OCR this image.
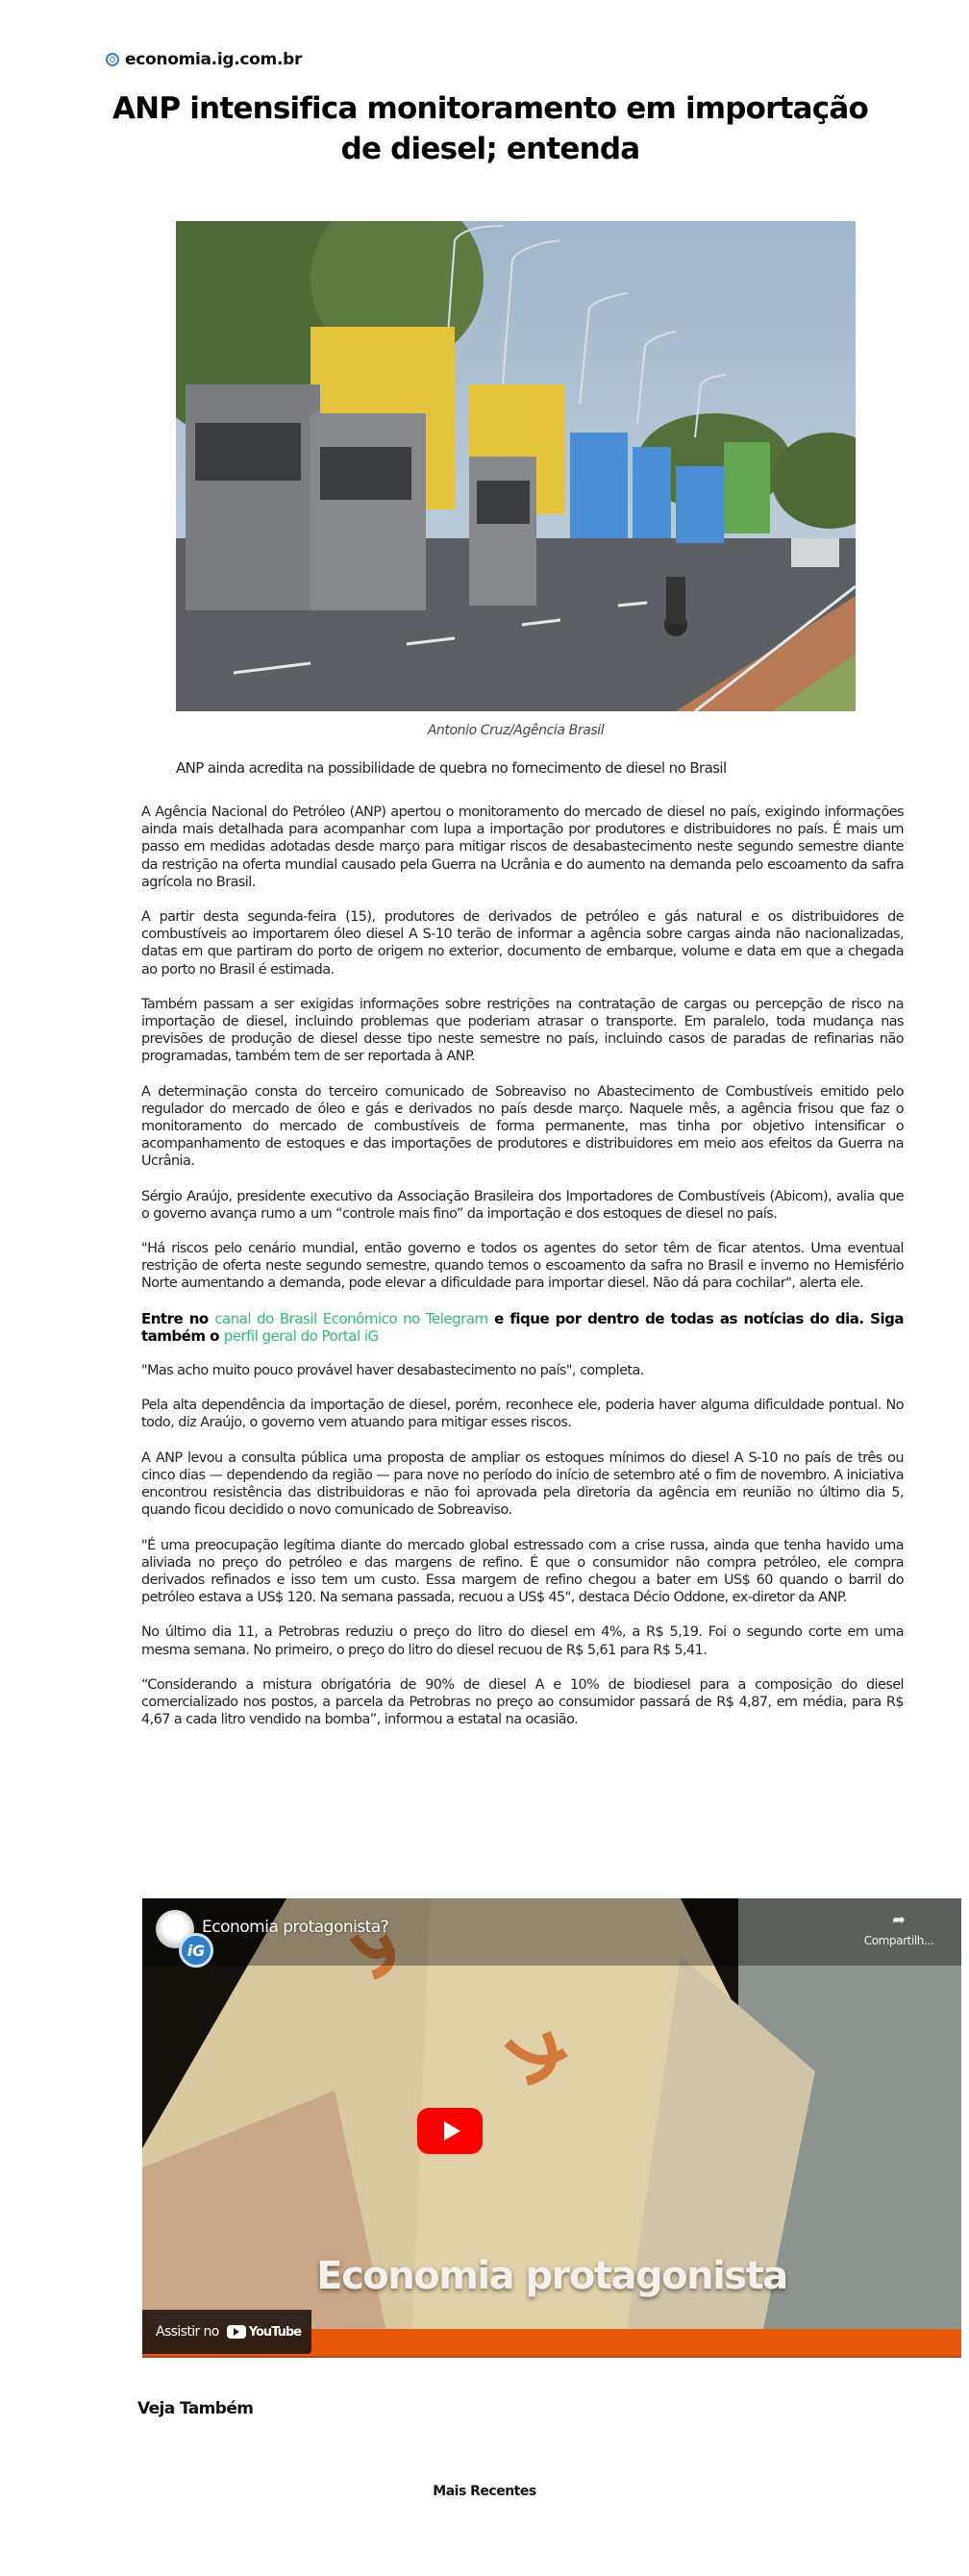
economia.ig.com.br
ANP intensifica monitoramento em importação de diesel; entenda
Antonio Cruz/Agência Brasil
ANP ainda acredita na possibilidade de quebra no fornecimento de diesel no Brasil

A Agência Nacional do Petróleo (ANP) apertou o monitoramento do mercado de diesel no país, exigindo informações ainda mais detalhada para acompanhar com lupa a importação por produtores e distribuidores no país. É mais um passo em medidas adotadas desde março para mitigar riscos de desabastecimento neste segundo semestre diante da restrição na oferta mundial causado pela Guerra na Ucrânia e do aumento na demanda pelo escoamento da safra agrícola no Brasil.

A partir desta segunda-feira (15), produtores de derivados de petróleo e gás natural e os distribuidores de combustíveis ao importarem óleo diesel A S-10 terão de informar a agência sobre cargas ainda não nacionalizadas, datas em que partiram do porto de origem no exterior, documento de embarque, volume e data em que a chegada ao porto no Brasil é estimada.

Também passam a ser exigidas informações sobre restrições na contratação de cargas ou percepção de risco na importação de diesel, incluindo problemas que poderiam atrasar o transporte. Em paralelo, toda mudança nas previsões de produção de diesel desse tipo neste semestre no país, incluindo casos de paradas de refinarias não programadas, também tem de ser reportada à ANP.

A determinação consta do terceiro comunicado de Sobreaviso no Abastecimento de Combustíveis emitido pelo regulador do mercado de óleo e gás e derivados no país desde março. Naquele mês, a agência frisou que faz o monitoramento do mercado de combustíveis de forma permanente, mas tinha por objetivo intensificar o acompanhamento de estoques e das importações de produtores e distribuidores em meio aos efeitos da Guerra na Ucrânia.

Sérgio Araújo, presidente executivo da Associação Brasileira dos Importadores de Combustíveis (Abicom), avalia que o governo avança rumo a um “controle mais fino” da importação e dos estoques de diesel no país.

"Há riscos pelo cenário mundial, então governo e todos os agentes do setor têm de ficar atentos. Uma eventual restrição de oferta neste segundo semestre, quando temos o escoamento da safra no Brasil e inverno no Hemisfério Norte aumentando a demanda, pode elevar a dificuldade para importar diesel. Não dá para cochilar", alerta ele.

Entre no canal do Brasil Econômico no Telegram e fique por dentro de todas as notícias do dia. Siga também o perfil geral do Portal iG

"Mas acho muito pouco provável haver desabastecimento no país", completa.

Pela alta dependência da importação de diesel, porém, reconhece ele, poderia haver alguma dificuldade pontual. No todo, diz Araújo, o governo vem atuando para mitigar esses riscos.

A ANP levou a consulta pública uma proposta de ampliar os estoques mínimos do diesel A S-10 no país de três ou cinco dias — dependendo da região — para nove no período do início de setembro até o fim de novembro. A iniciativa encontrou resistência das distribuidoras e não foi aprovada pela diretoria da agência em reunião no último dia 5, quando ficou decidido o novo comunicado de Sobreaviso.

"É uma preocupação legítima diante do mercado global estressado com a crise russa, ainda que tenha havido uma aliviada no preço do petróleo e das margens de refino. É que o consumidor não compra petróleo, ele compra derivados refinados e isso tem um custo. Essa margem de refino chegou a bater em US$ 60 quando o barril do petróleo estava a US$ 120. Na semana passada, recuou a US$ 45", destaca Décio Oddone, ex-diretor da ANP.

No último dia 11, a Petrobras reduziu o preço do litro do diesel em 4%, a R$ 5,19. Foi o segundo corte em uma mesma semana. No primeiro, o preço do litro do diesel recuou de R$ 5,61 para R$ 5,41.

“Considerando a mistura obrigatória de 90% de diesel A e 10% de biodiesel para a composição do diesel comercializado nos postos, a parcela da Petrobras no preço ao consumidor passará de R$ 4,87, em média, para R$ 4,67 a cada litro vendido na bomba”, informou a estatal na ocasião.

iG
Economia protagonista?	➦
Compartilh...
Economia protagonista
Assistir no YouTube
Veja Também
Mais Recentes
